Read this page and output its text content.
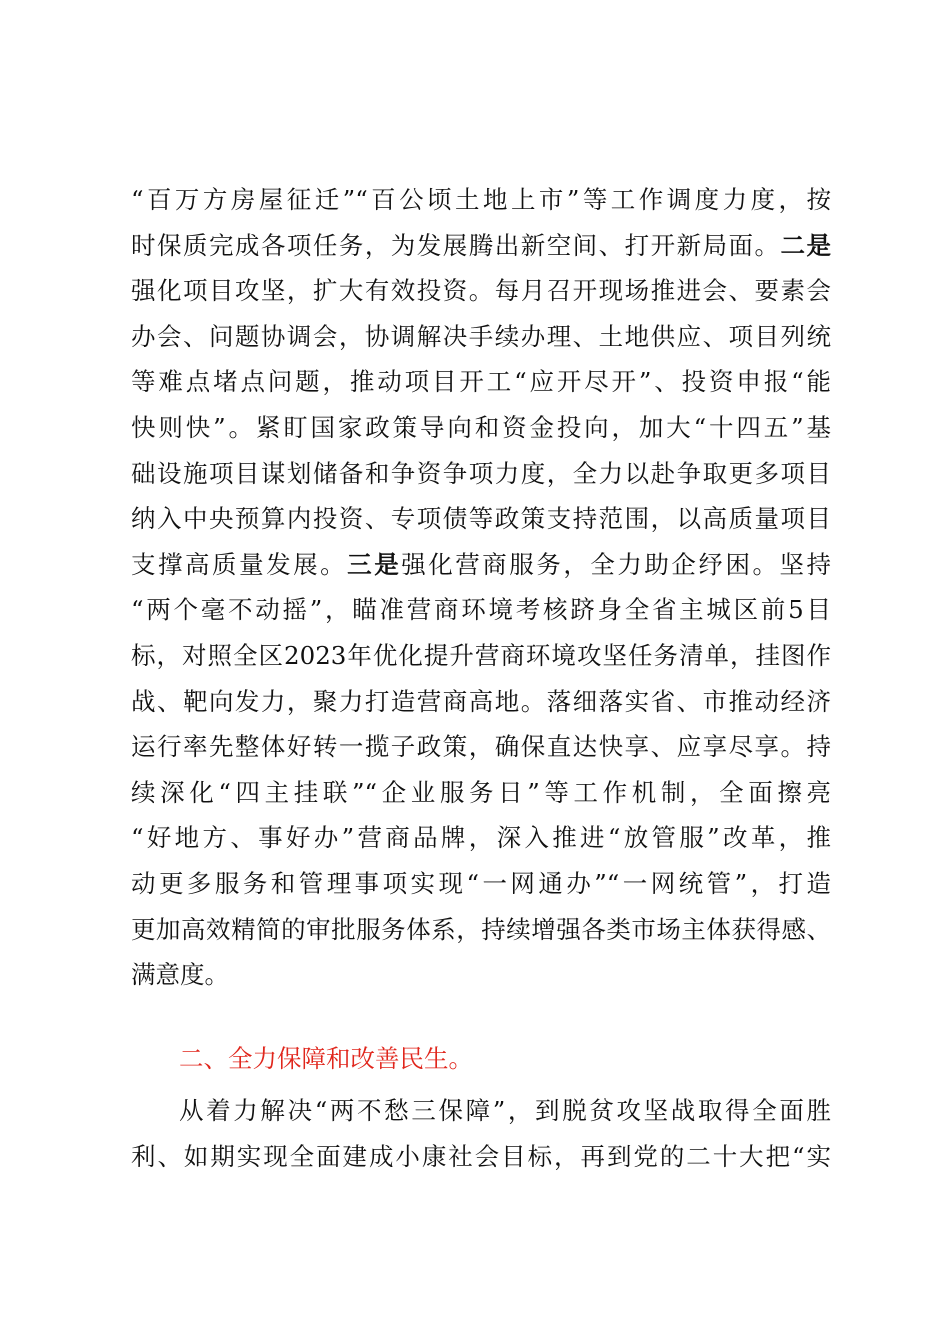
“百万方房屋征迁”“百公顷土地上市”等工作调度力度，按
时保质完成各项任务，为发展腾出新空间、打开新局面。二是
强化项目攻坚，扩大有效投资。每月召开现场推进会、要素会
办会、问题协调会，协调解决手续办理、土地供应、项目列统
等难点堵点问题，推动项目开工“应开尽开”、投资申报“能
快则快”。紧盯国家政策导向和资金投向，加大“十四五”基
础设施项目谋划储备和争资争项力度，全力以赴争取更多项目
纳入中央预算内投资、专项债等政策支持范围，以高质量项目
支撑高质量发展。三是强化营商服务，全力助企纾困。坚持
“两个毫不动摇”，瞄准营商环境考核跻身全省主城区前5目
标，对照全区2023年优化提升营商环境攻坚任务清单，挂图作
战、靶向发力，聚力打造营商高地。落细落实省、市推动经济
运行率先整体好转一揽子政策，确保直达快享、应享尽享。持
续深化“四主挂联”“企业服务日”等工作机制，全面擦亮
“好地方、事好办”营商品牌，深入推进“放管服”改革，推
动更多服务和管理事项实现“一网通办”“一网统管”，打造
更加高效精简的审批服务体系，持续增强各类市场主体获得感、
满意度。
二、全力保障和改善民生。
从着力解决“两不愁三保障”，到脱贫攻坚战取得全面胜
利、如期实现全面建成小康社会目标，再到党的二十大把“实
